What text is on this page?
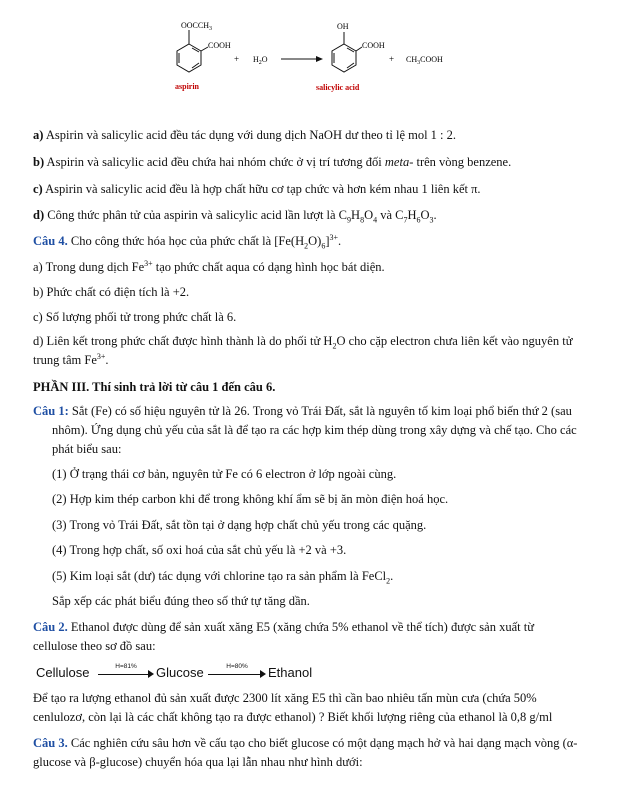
$OOCCH_3$
COOH
+ $H_2O$
OH
COOH
+ $CH_3COOH$
aspirin	salicylic acid
a) Aspirin và salicylic acid đều tác dụng với dung dịch NaOH dư theo tỉ lệ mol 1 : 2.
b) Aspirin và salicylic acid đều chứa hai nhóm chức ở vị trí tương đối meta- trên vòng benzene.
c) Aspirin và salicylic acid đều là hợp chất hữu cơ tạp chức và hơn kém nhau 1 liên kết π.
d) Công thức phân tử của aspirin và salicylic acid lần lượt là $C_9H_8O_4$ và $C_7H_6O_3$.
Câu 4. Cho công thức hóa học của phức chất là $[Fe(H_2O)_6]^{3+}$.
a) Trong dung dịch $Fe^{3+}$ tạo phức chất aqua có dạng hình học bát diện.
b) Phức chất có điện tích là +2.
c) Số lượng phối tử trong phức chất là 6.
d) Liên kết trong phức chất được hình thành là do phối tử $H_2O$ cho cặp electron chưa liên kết vào nguyên tử
trung tâm $Fe^{3+}$.
PHẦN III. Thí sinh trả lời từ câu 1 đến câu 6.
Câu 1: Sắt (Fe) có số hiệu nguyên tử là 26. Trong vỏ Trái Đất, sắt là nguyên tố kim loại phổ biến thứ 2 (sau
nhôm). Ứng dụng chủ yếu của sắt là để tạo ra các hợp kim thép dùng trong xây dựng và chế tạo. Cho các
phát biểu sau:
(1) Ở trạng thái cơ bản, nguyên tử Fe có 6 electron ở lớp ngoài cùng.
(2) Hợp kim thép carbon khi để trong không khí ẩm sẽ bị ăn mòn điện hoá học.
(3) Trong vỏ Trái Đất, sắt tồn tại ở dạng hợp chất chủ yếu trong các quặng.
(4) Trong hợp chất, số oxi hoá của sắt chủ yếu là +2 và +3.
(5) Kim loại sắt (dư) tác dụng với chlorine tạo ra sản phẩm là FeCl$_2$.
Sắp xếp các phát biểu đúng theo số thứ tự tăng dần.
Câu 2. Ethanol được dùng để sản xuất xăng E5 (xăng chứa 5% ethanol về thể tích) được sản xuất từ
cellulose theo sơ đồ sau:
Cellulose	H=81%	Glucose	H=80%	Ethanol
Để tạo ra lượng ethanol đủ sản xuất được 2300 lít xăng E5 thì cần bao nhiêu tấn mùn cưa (chứa 50%
cenlulozơ, còn lại là các chất không tạo ra được ethanol) ? Biết khối lượng riêng của ethanol là 0,8 g/ml
Câu 3. Các nghiên cứu sâu hơn về cấu tạo cho biết glucose có một dạng mạch hở và hai dạng mạch vòng (α-
glucose và β-glucose) chuyển hóa qua lại lẫn nhau như hình dưới:
